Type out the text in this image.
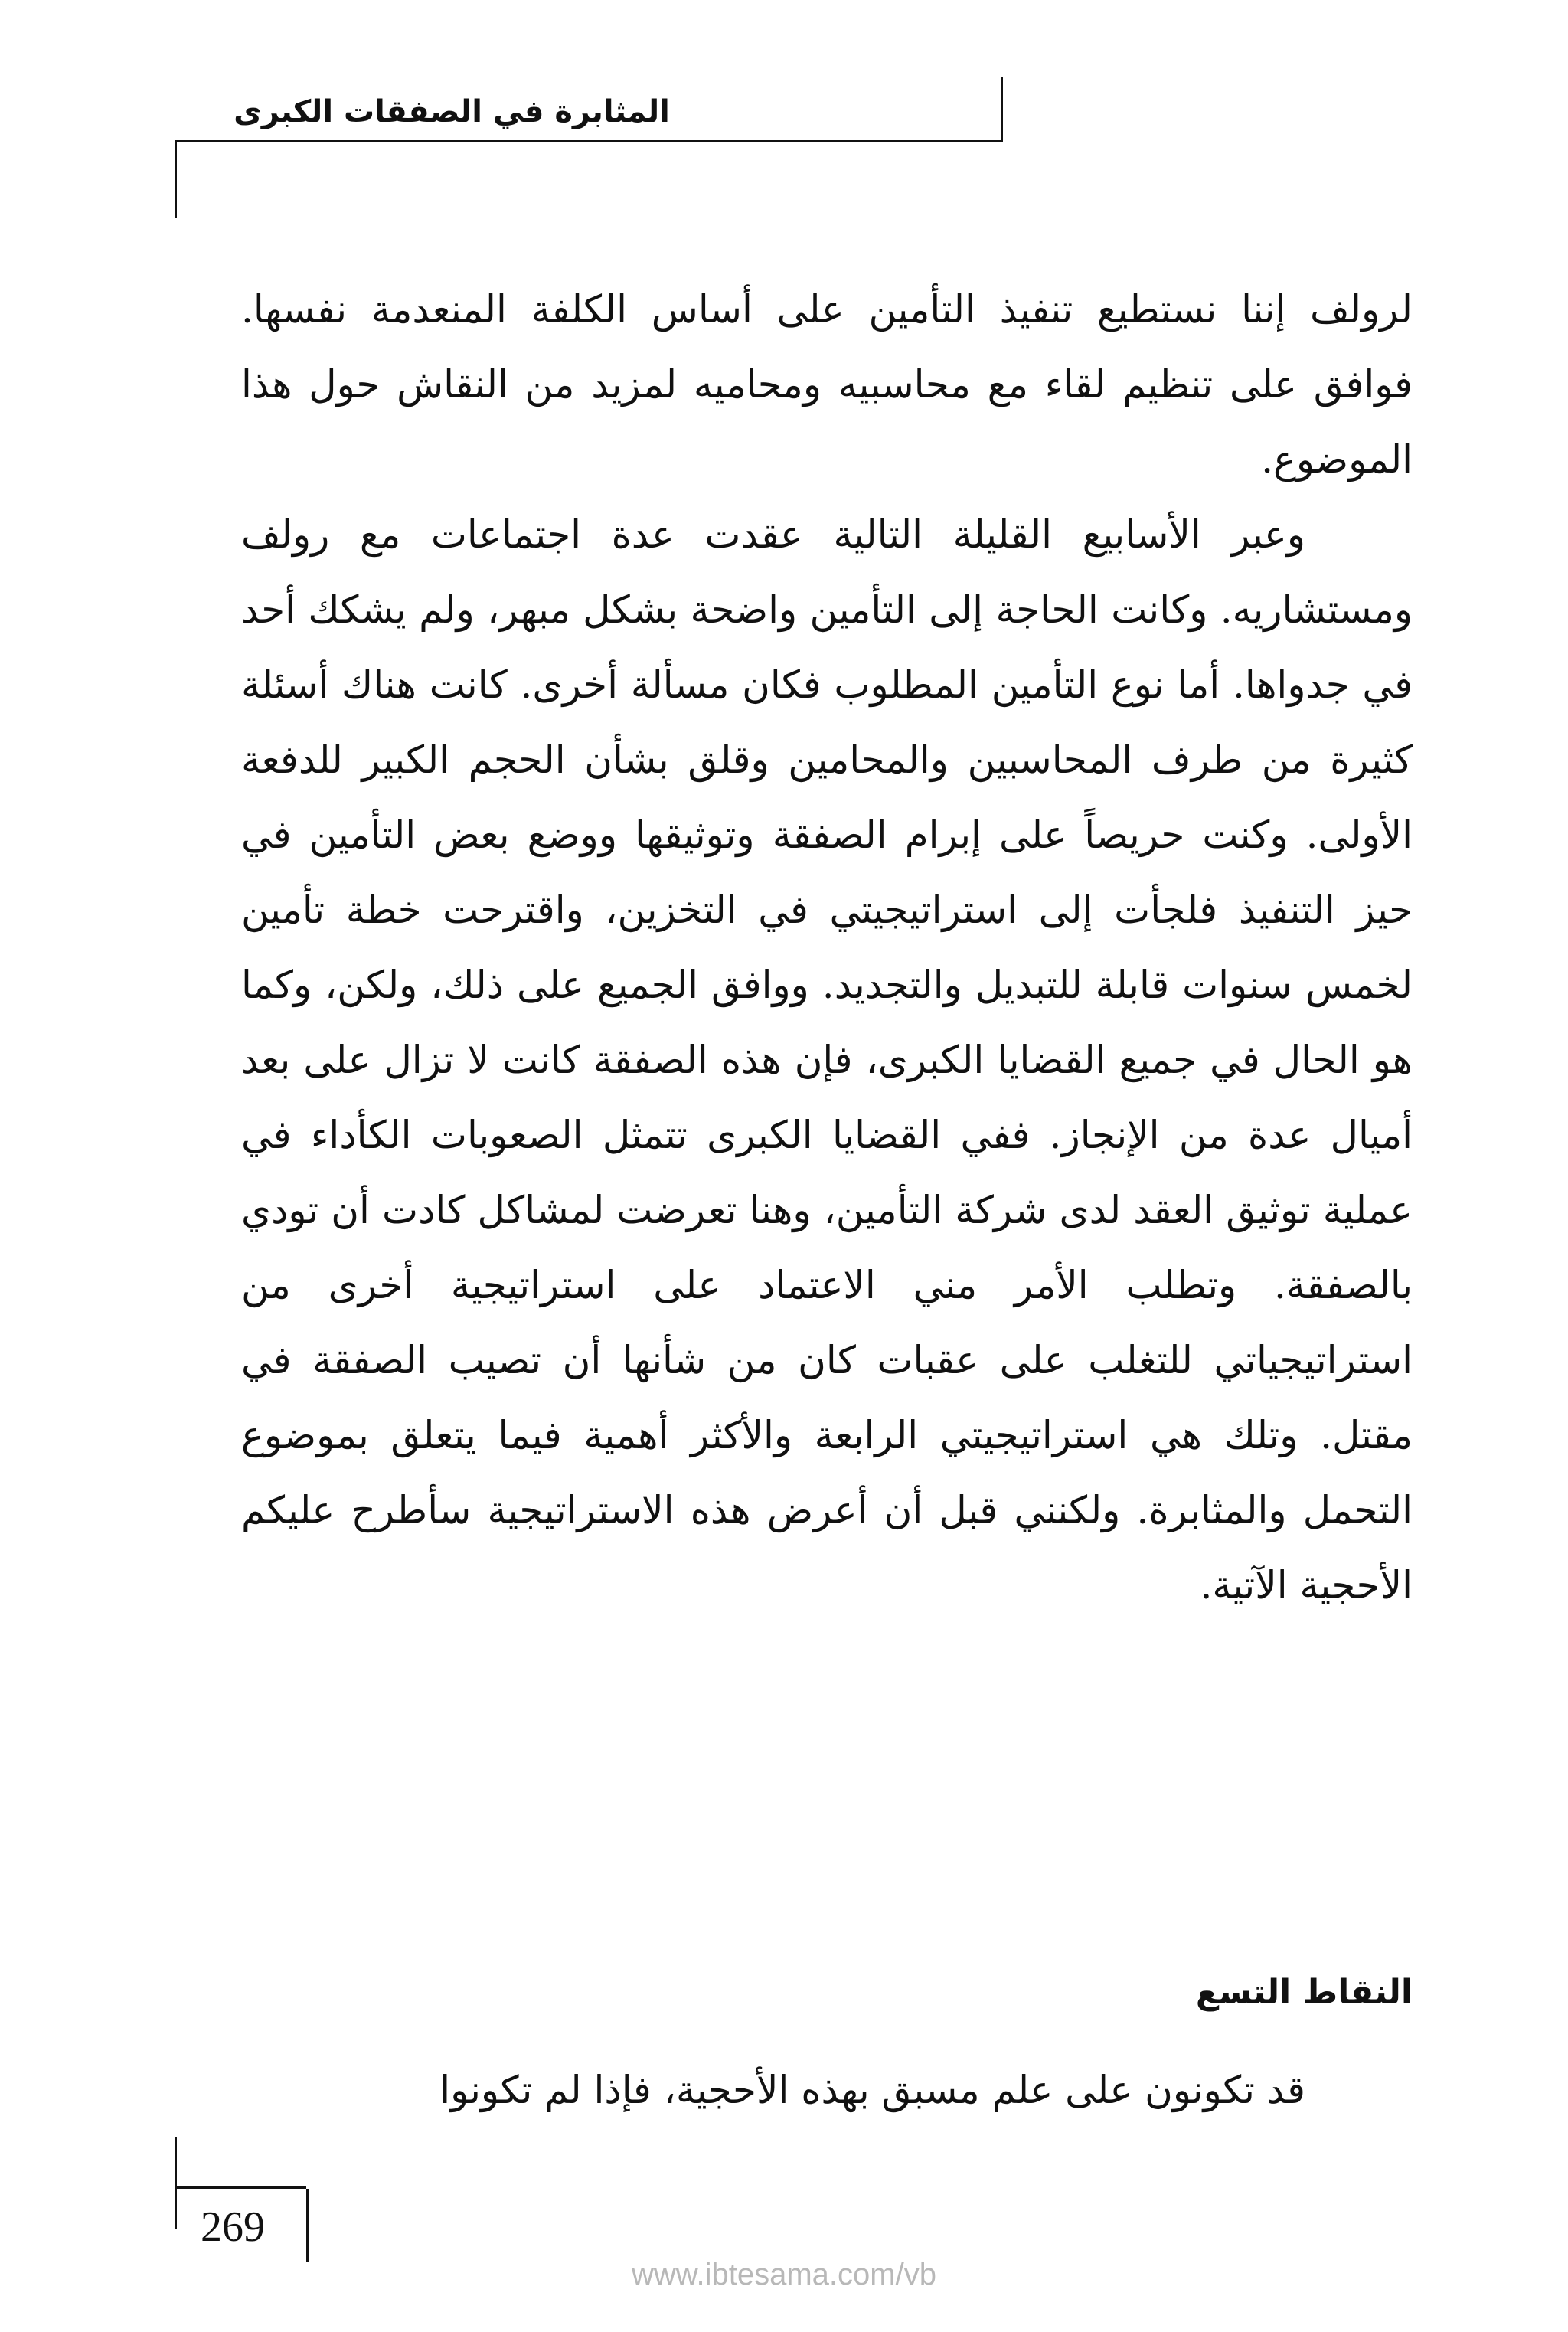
المثابرة في الصفقات الكبرى

لرولف إننا نستطيع تنفيذ التأمين على أساس الكلفة المنعدمة نفسها. فوافق على تنظيم لقاء مع محاسبيه ومحاميه لمزيد من النقاش حول هذا الموضوع.

وعبر الأسابيع القليلة التالية عقدت عدة اجتماعات مع رولف ومستشاريه. وكانت الحاجة إلى التأمين واضحة بشكل مبهر، ولم يشكك أحد في جدواها. أما نوع التأمين المطلوب فكان مسألة أخرى. كانت هناك أسئلة كثيرة من طرف المحاسبين والمحامين وقلق بشأن الحجم الكبير للدفعة الأولى. وكنت حريصاً على إبرام الصفقة وتوثيقها ووضع بعض التأمين في حيز التنفيذ فلجأت إلى استراتيجيتي في التخزين، واقترحت خطة تأمين لخمس سنوات قابلة للتبديل والتجديد. ووافق الجميع على ذلك، ولكن، وكما هو الحال في جميع القضايا الكبرى، فإن هذه الصفقة كانت لا تزال على بعد أميال عدة من الإنجاز. ففي القضايا الكبرى تتمثل الصعوبات الكأداء في عملية توثيق العقد لدى شركة التأمين، وهنا تعرضت لمشاكل كادت أن تودي بالصفقة. وتطلب الأمر مني الاعتماد على استراتيجية أخرى من استراتيجياتي للتغلب على عقبات كان من شأنها أن تصيب الصفقة في مقتل. وتلك هي استراتيجيتي الرابعة والأكثر أهمية فيما يتعلق بموضوع التحمل والمثابرة. ولكنني قبل أن أعرض هذه الاستراتيجية سأطرح عليكم الأحجية الآتية.

النقاط التسع
قد تكونون على علم مسبق بهذه الأحجية، فإذا لم تكونوا
269
www.ibtesama.com/vb
